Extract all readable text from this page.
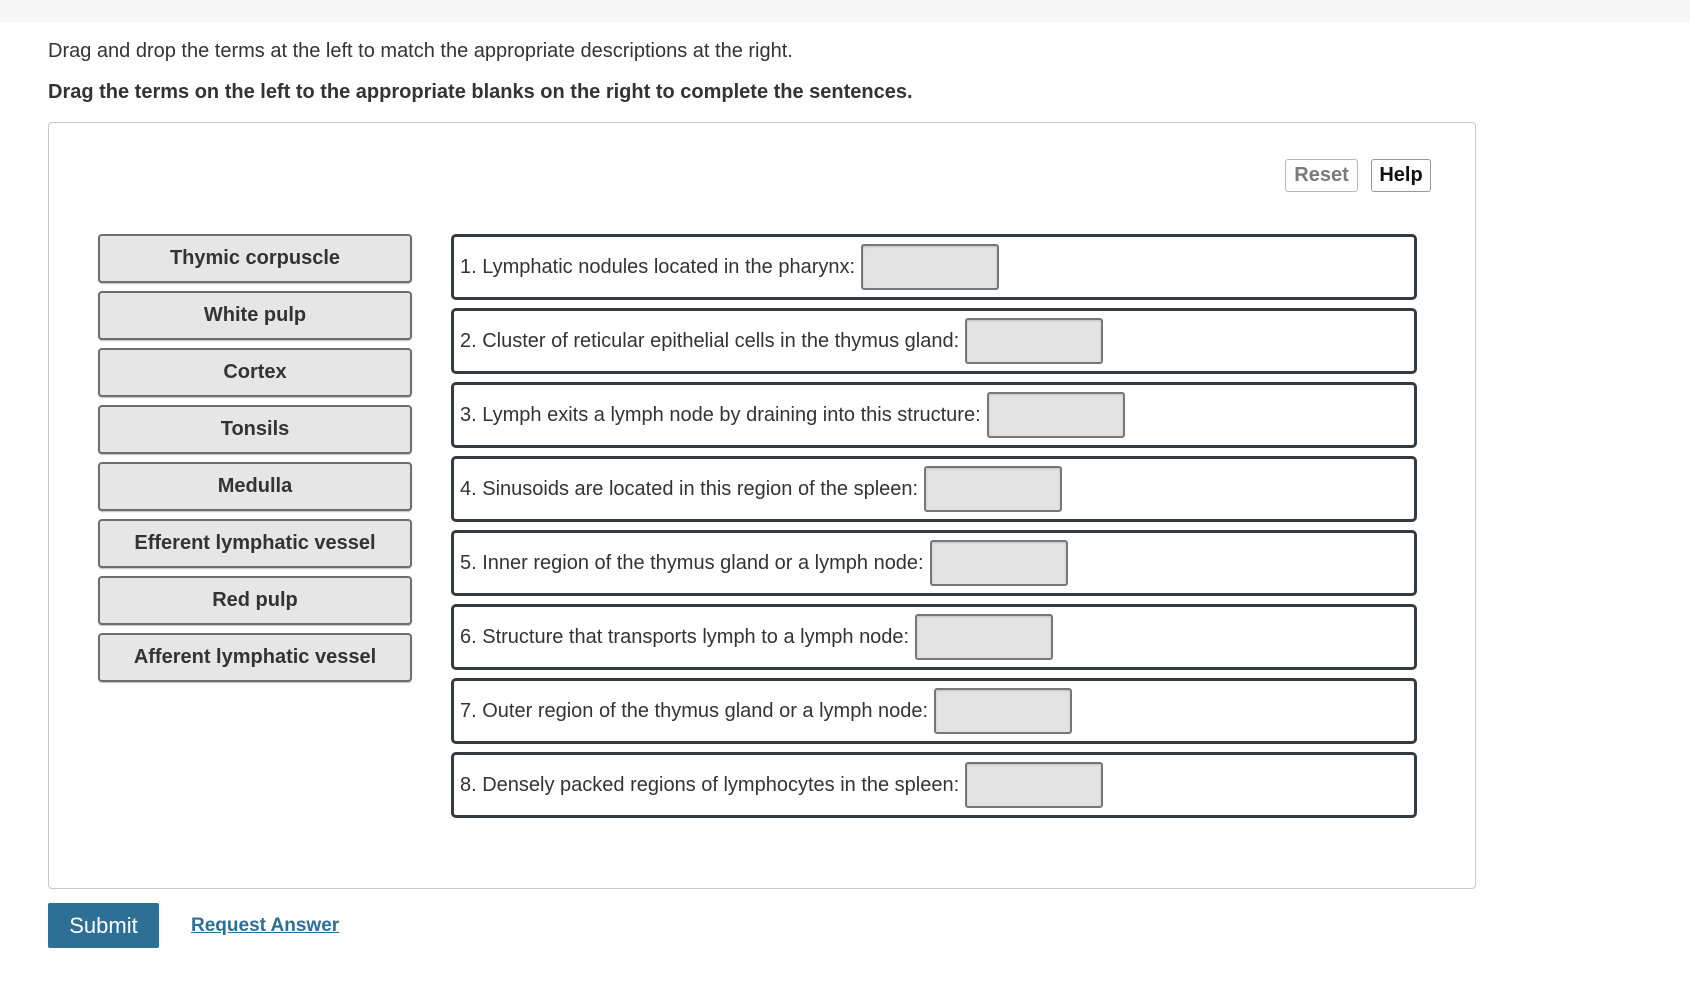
Drag and drop the terms at the left to match the appropriate descriptions at the right.

Drag the terms on the left to the appropriate blanks on the right to complete the sentences.

Reset	Help
Thymic corpuscle
White pulp
Cortex
Tonsils
Medulla
Efferent lymphatic vessel
Red pulp
Afferent lymphatic vessel
1. Lymphatic nodules located in the pharynx:
2. Cluster of reticular epithelial cells in the thymus gland:
3. Lymph exits a lymph node by draining into this structure:
4. Sinusoids are located in this region of the spleen:
5. Inner region of the thymus gland or a lymph node:
6. Structure that transports lymph to a lymph node:
7. Outer region of the thymus gland or a lymph node:
8. Densely packed regions of lymphocytes in the spleen:
Submit	Request Answer
